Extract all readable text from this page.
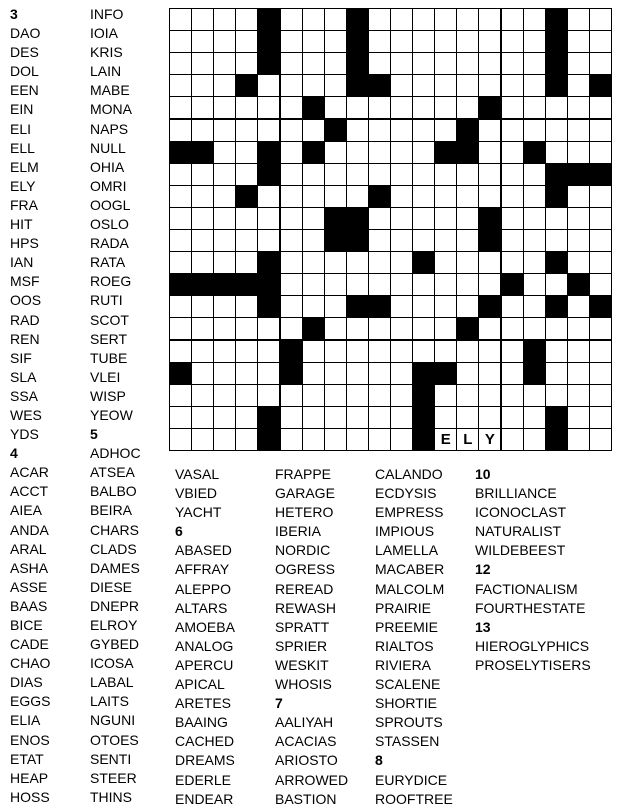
E L Y
3
DAO
DES
DOL
EEN
EIN
ELI
ELL
ELM
ELY
FRA
HIT
HPS
IAN
MSF
OOS
RAD
REN
SIF
SLA
SSA
WES
YDS
4
ACAR
ACCT
AIEA
ANDA
ARAL
ASHA
ASSE
BAAS
BICE
CADE
CHAO
DIAS
EGGS
ELIA
ENOS
ETAT
HEAP
HOSS
INFO
IOIA
KRIS
LAIN
MABE
MONA
NAPS
NULL
OHIA
OMRI
OOGL
OSLO
RADA
RATA
ROEG
RUTI
SCOT
SERT
TUBE
VLEI
WISP
YEOW
5
ADHOC
ATSEA
BALBO
BEIRA
CHARS
CLADS
DAMES
DIESE
DNEPR
ELROY
GYBED
ICOSA
LABAL
LAITS
NGUNI
OTOES
SENTI
STEER
THINS
VASAL
VBIED
YACHT
6
ABASED
AFFRAY
ALEPPO
ALTARS
AMOEBA
ANALOG
APERCU
APICAL
ARETES
BAAING
CACHED
DREAMS
EDERLE
ENDEAR
FRAPPE
GARAGE
HETERO
IBERIA
NORDIC
OGRESS
REREAD
REWASH
SPRATT
SPRIER
WESKIT
WHOSIS
7
AALIYAH
ACACIAS
ARIOSTO
ARROWED
BASTION
CALANDO
ECDYSIS
EMPRESS
IMPIOUS
LAMELLA
MACABER
MALCOLM
PRAIRIE
PREEMIE
RIALTOS
RIVIERA
SCALENE
SHORTIE
SPROUTS
STASSEN
8
EURYDICE
ROOFTREE
10
BRILLIANCE
ICONOCLAST
NATURALIST
WILDEBEEST
12
FACTIONALISM
FOURTHESTATE
13
HIEROGLYPHICS
PROSELYTISERS
